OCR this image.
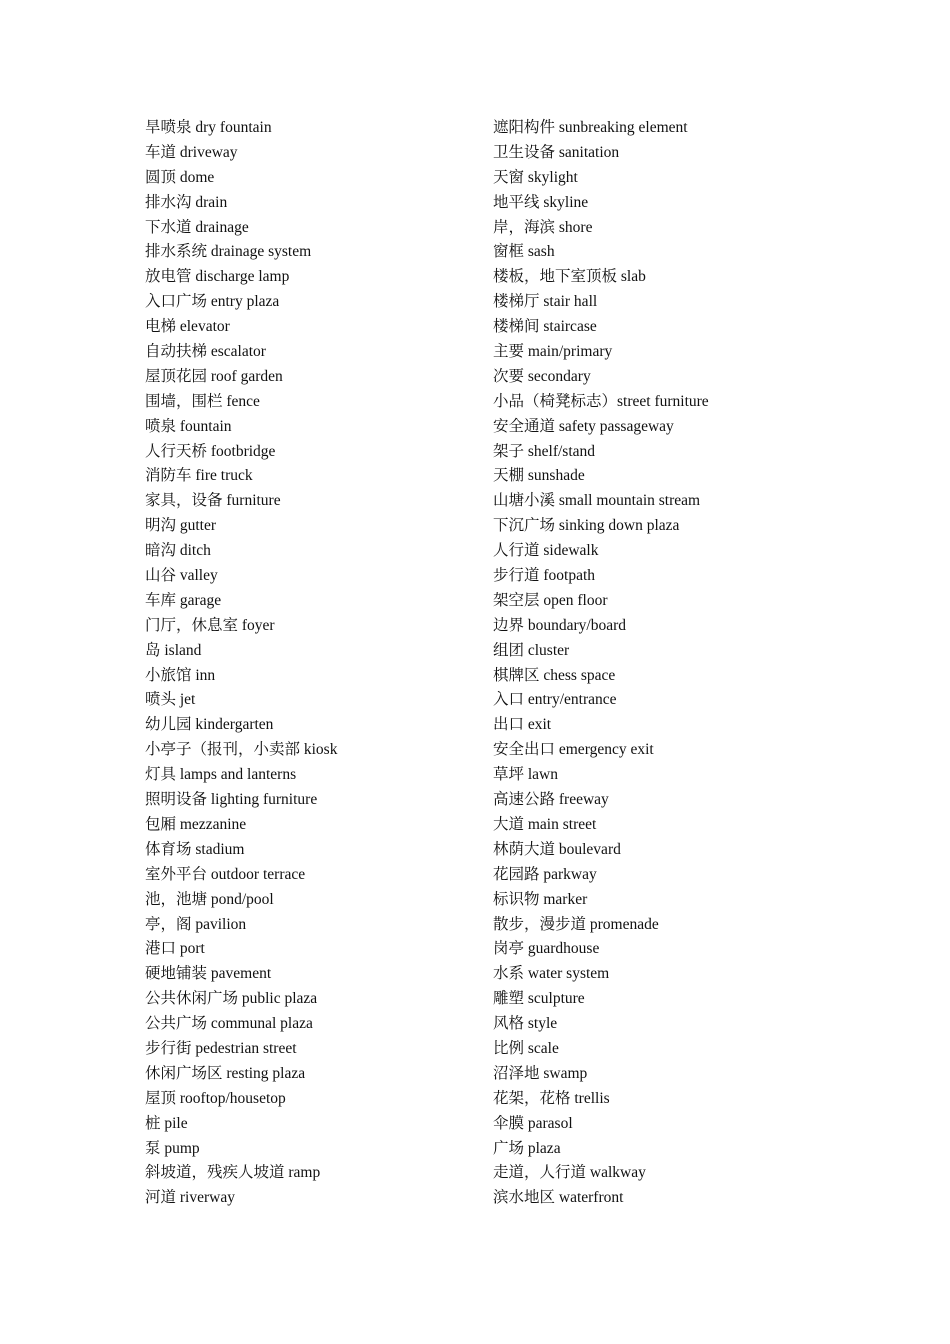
旱喷泉 dry fountain
车道 driveway
圆顶 dome
排水沟 drain
下水道 drainage
排水系统 drainage system
放电管 discharge lamp
入口广场 entry plaza
电梯 elevator
自动扶梯 escalator
屋顶花园 roof garden
围墙，围栏 fence
喷泉 fountain
人行天桥 footbridge
消防车 fire truck
家具，设备 furniture
明沟 gutter
暗沟 ditch
山谷 valley
车库 garage
门厅，休息室 foyer
岛 island
小旅馆 inn
喷头 jet
幼儿园 kindergarten
小亭子（报刊，小卖部 kiosk
灯具 lamps and lanterns
照明设备 lighting furniture
包厢 mezzanine
体育场 stadium
室外平台 outdoor terrace
池，池塘 pond/pool
亭，阁 pavilion
港口 port
硬地铺装 pavement
公共休闲广场 public plaza
公共广场 communal plaza
步行街 pedestrian street
休闲广场区 resting plaza
屋顶 rooftop/housetop
桩 pile
泵 pump
斜坡道，残疾人坡道 ramp
河道 riverway
遮阳构件 sunbreaking element
卫生设备 sanitation
天窗 skylight
地平线 skyline
岸，海滨 shore
窗框 sash
楼板，地下室顶板 slab
楼梯厅 stair hall
楼梯间 staircase
主要 main/primary
次要 secondary
小品（椅凳标志）street furniture
安全通道 safety passageway
架子 shelf/stand
天棚 sunshade
山塘小溪 small mountain stream
下沉广场 sinking down plaza
人行道 sidewalk
步行道 footpath
架空层 open floor
边界 boundary/board
组团 cluster
棋牌区 chess space
入口 entry/entrance
出口 exit
安全出口 emergency exit
草坪 lawn
高速公路 freeway
大道 main street
林荫大道 boulevard
花园路 parkway
标识物 marker
散步，漫步道 promenade
岗亭 guardhouse
水系 water system
雕塑 sculpture
风格 style
比例 scale
沼泽地 swamp
花架，花格 trellis
伞膜 parasol
广场 plaza
走道，人行道 walkway
滨水地区 waterfront
